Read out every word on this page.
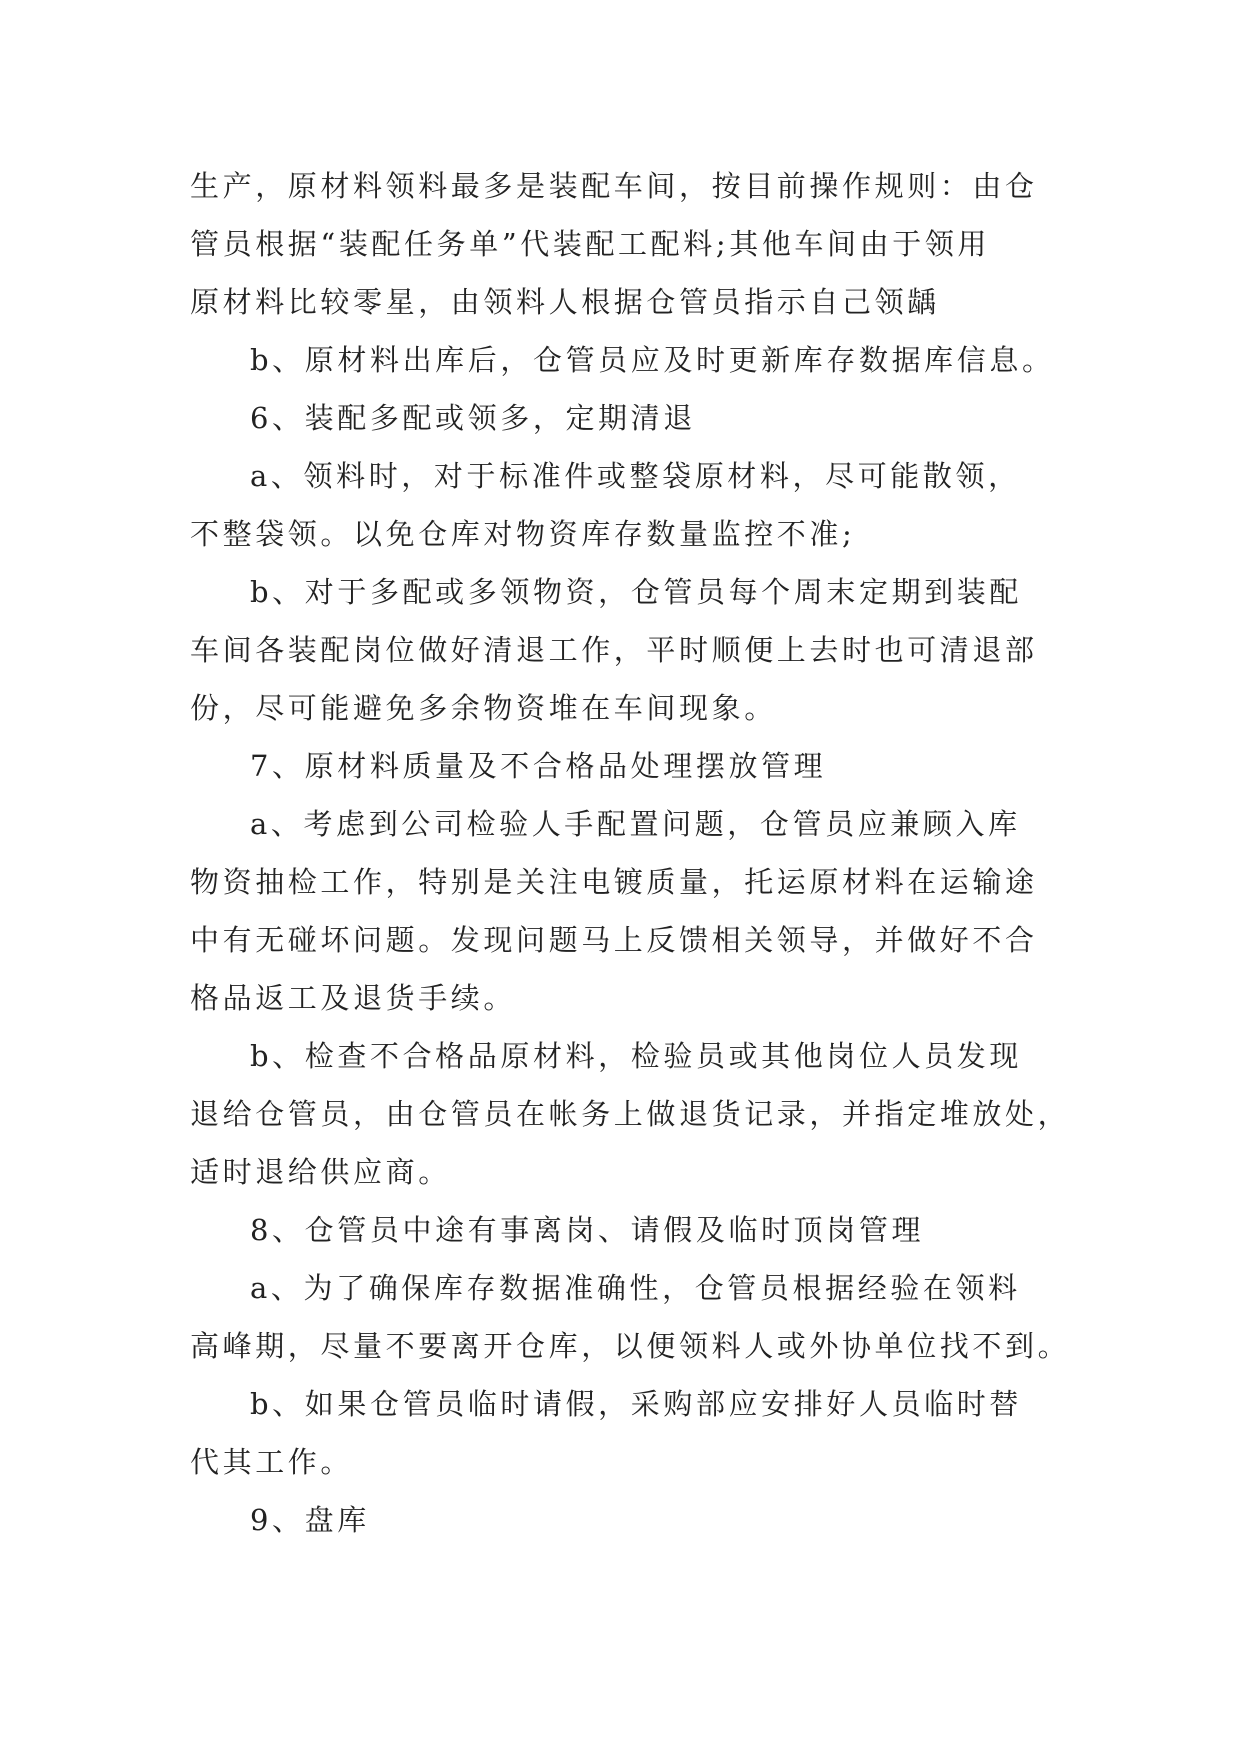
生产，原材料领料最多是装配车间，按目前操作规则：由仓
管员根据“装配任务单”代装配工配料;其他车间由于领用
原材料比较零星，由领料人根据仓管员指示自己领龋

b、原材料出库后，仓管员应及时更新库存数据库信息。

6、装配多配或领多，定期清退

a、领料时，对于标准件或整袋原材料，尽可能散领，
不整袋领。以免仓库对物资库存数量监控不准;

b、对于多配或多领物资，仓管员每个周末定期到装配
车间各装配岗位做好清退工作，平时顺便上去时也可清退部
份，尽可能避免多余物资堆在车间现象。

7、原材料质量及不合格品处理摆放管理

a、考虑到公司检验人手配置问题，仓管员应兼顾入库
物资抽检工作，特别是关注电镀质量，托运原材料在运输途
中有无碰坏问题。发现问题马上反馈相关领导，并做好不合
格品返工及退货手续。

b、检查不合格品原材料，检验员或其他岗位人员发现
退给仓管员，由仓管员在帐务上做退货记录，并指定堆放处，
适时退给供应商。

8、仓管员中途有事离岗、请假及临时顶岗管理

a、为了确保库存数据准确性，仓管员根据经验在领料
高峰期，尽量不要离开仓库，以便领料人或外协单位找不到。

b、如果仓管员临时请假，采购部应安排好人员临时替
代其工作。

9、盘库
